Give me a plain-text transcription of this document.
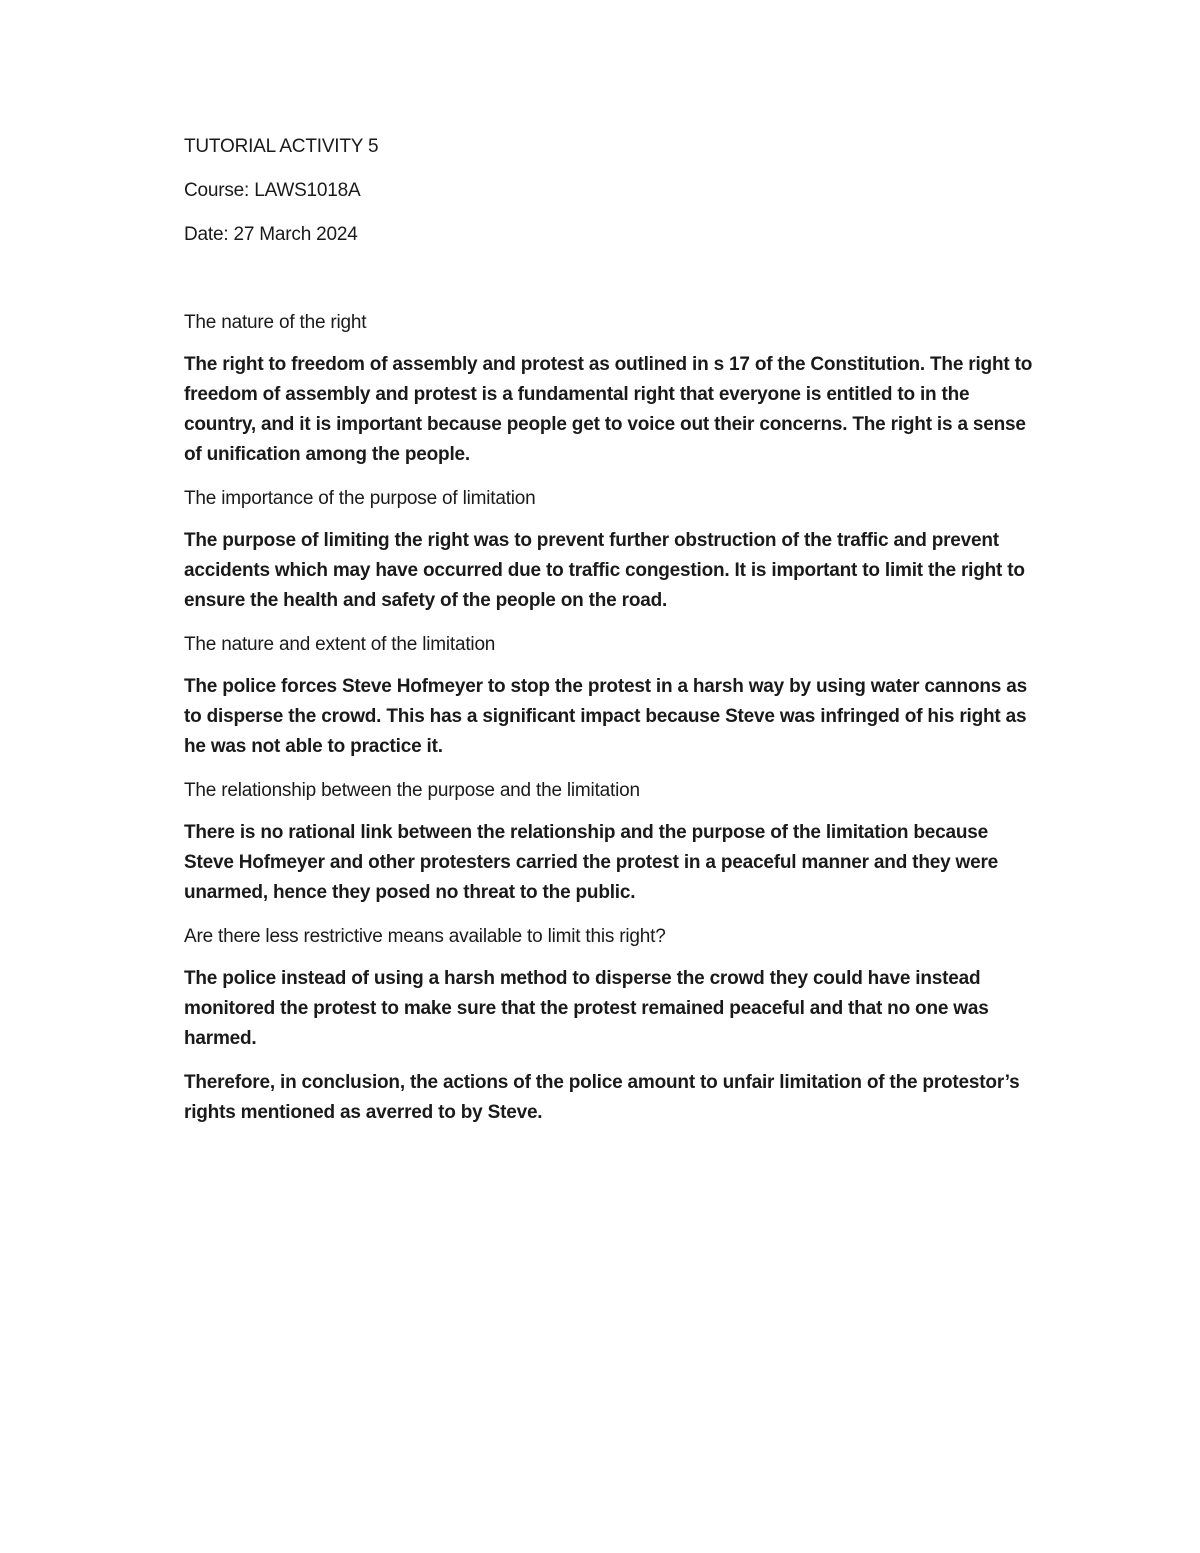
TUTORIAL ACTIVITY 5
Course: LAWS1018A
Date: 27 March 2024
The nature of the right
The right to freedom of assembly and protest as outlined in s 17 of the Constitution. The right to freedom of assembly and protest is a fundamental right that everyone is entitled to in the country, and it is important because people get to voice out their concerns. The right is a sense of unification among the people.
The importance of the purpose of limitation
The purpose of limiting the right was to prevent further obstruction of the traffic and prevent accidents which may have occurred due to traffic congestion. It is important to limit the right to ensure the health and safety of the people on the road.
The nature and extent of the limitation
The police forces Steve Hofmeyer to stop the protest in a harsh way by using water cannons as to disperse the crowd. This has a significant impact because Steve was infringed of his right as he was not able to practice it.
The relationship between the purpose and the limitation
There is no rational link between the relationship and the purpose of the limitation because Steve Hofmeyer and other protesters carried the protest in a peaceful manner and they were unarmed, hence they posed no threat to the public.
Are there less restrictive means available to limit this right?
The police instead of using a harsh method to disperse the crowd they could have instead monitored the protest to make sure that the protest remained peaceful and that no one was harmed.
Therefore, in conclusion, the actions of the police amount to unfair limitation of the protestor’s rights mentioned as averred to by Steve.
